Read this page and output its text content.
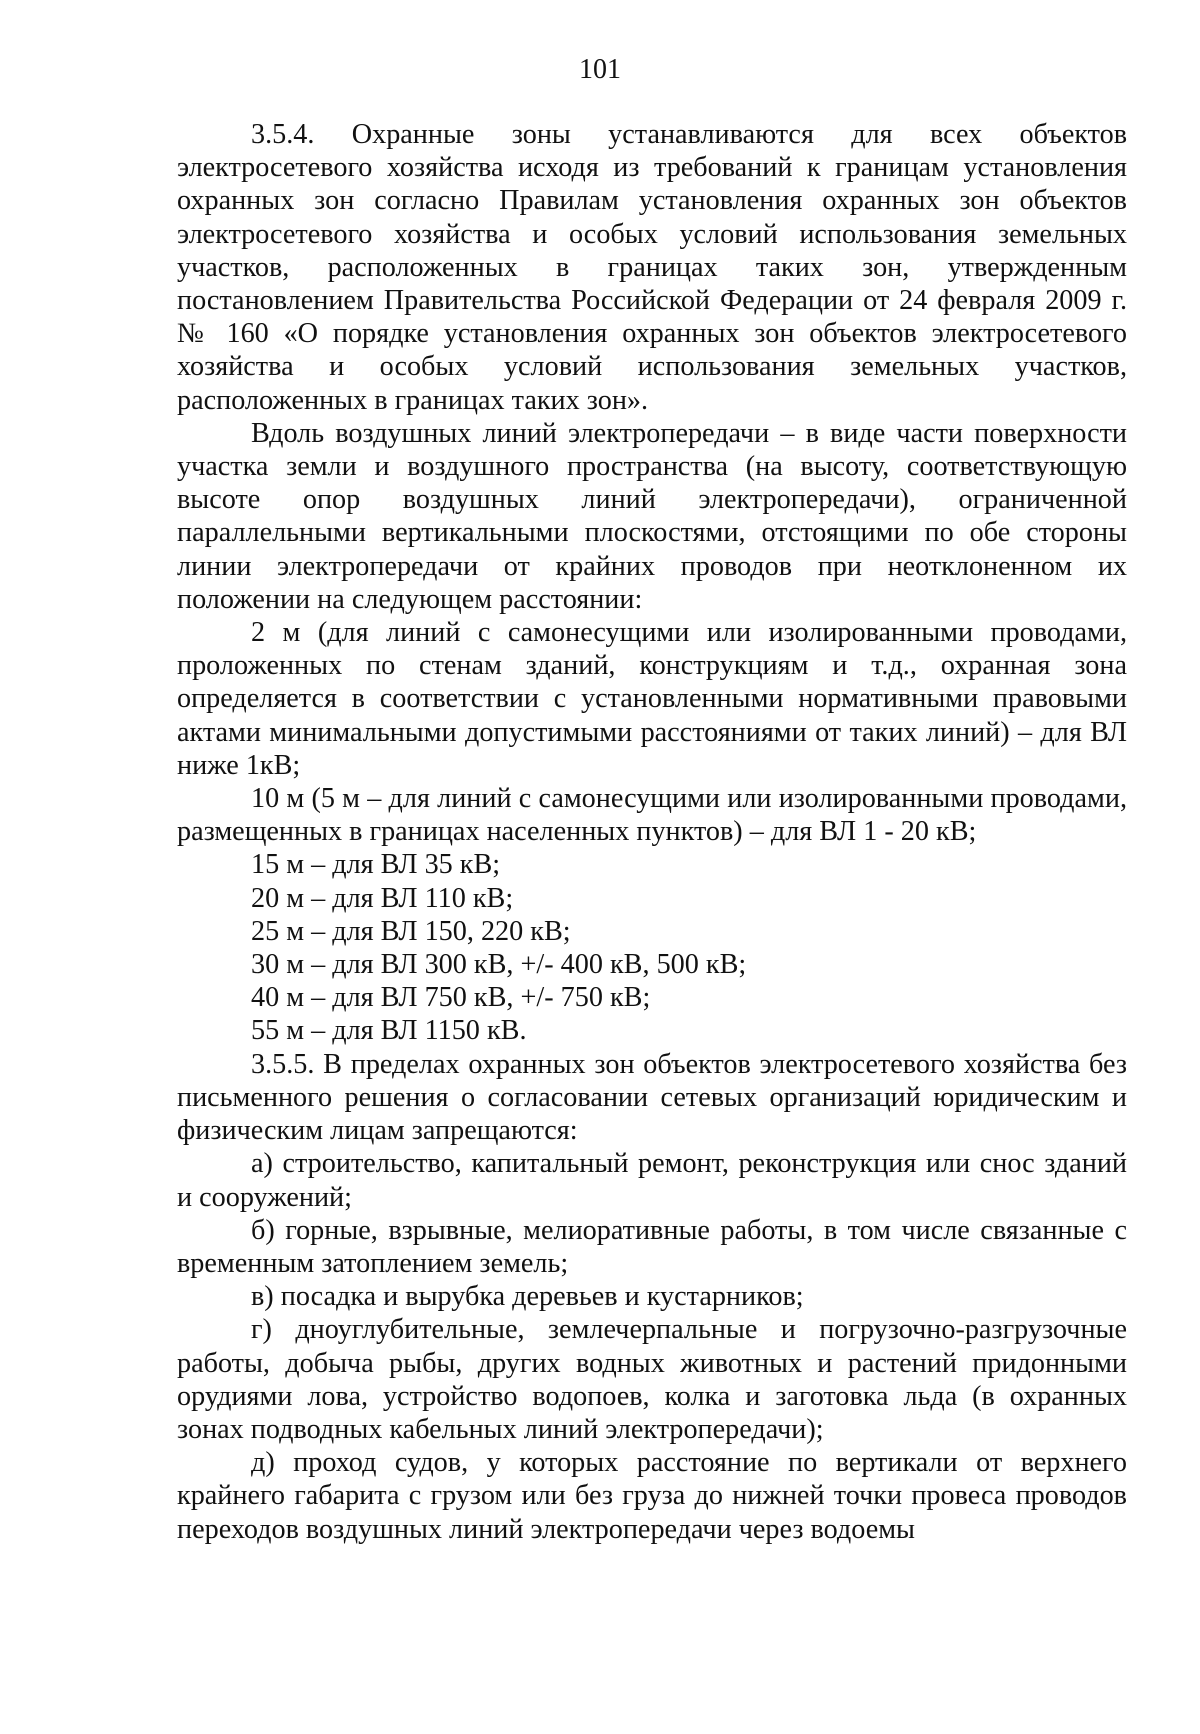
101

3.5.4. Охранные зоны устанавливаются для всех объектов электросетевого хозяйства исходя из требований к границам установления охранных зон согласно Правилам установления охранных зон объектов электросетевого хозяйства и особых условий использования земельных участков, расположенных в границах таких зон, утвержденным постановлением Правительства Российской Федерации от 24 февраля 2009 г. № 160 «О порядке установления охранных зон объектов электросетевого хозяйства и особых условий использования земельных участков, расположенных в границах таких зон».

Вдоль воздушных линий электропередачи – в виде части поверхности участка земли и воздушного пространства (на высоту, соответствующую высоте опор воздушных линий электропередачи), ограниченной параллельными вертикальными плоскостями, отстоящими по обе стороны линии электропередачи от крайних проводов при неотклоненном их положении на следующем расстоянии:

2 м (для линий с самонесущими или изолированными проводами, проложенных по стенам зданий, конструкциям и т.д., охранная зона определяется в соответствии с установленными нормативными правовыми актами минимальными допустимыми расстояниями от таких линий) – для ВЛ ниже 1кВ;

10 м (5 м – для линий с самонесущими или изолированными проводами, размещенных в границах населенных пунктов) – для ВЛ 1 - 20 кВ;

15 м – для ВЛ 35 кВ;

20 м – для ВЛ 110 кВ;

25 м – для ВЛ 150, 220 кВ;

30 м – для ВЛ 300 кВ, +/- 400 кВ, 500 кВ;

40 м – для ВЛ 750 кВ, +/- 750 кВ;

55 м – для ВЛ 1150 кВ.

3.5.5. В пределах охранных зон объектов электросетевого хозяйства без письменного решения о согласовании сетевых организаций юридическим и физическим лицам запрещаются:

а) строительство, капитальный ремонт, реконструкция или снос зданий и сооружений;

б) горные, взрывные, мелиоративные работы, в том числе связанные с временным затоплением земель;

в) посадка и вырубка деревьев и кустарников;

г) дноуглубительные, землечерпальные и погрузочно-разгрузочные работы, добыча рыбы, других водных животных и растений придонными орудиями лова, устройство водопоев, колка и заготовка льда (в охранных зонах подводных кабельных линий электропередачи);

д) проход судов, у которых расстояние по вертикали от верхнего крайнего габарита с грузом или без груза до нижней точки провеса проводов переходов воздушных линий электропередачи через водоемы
